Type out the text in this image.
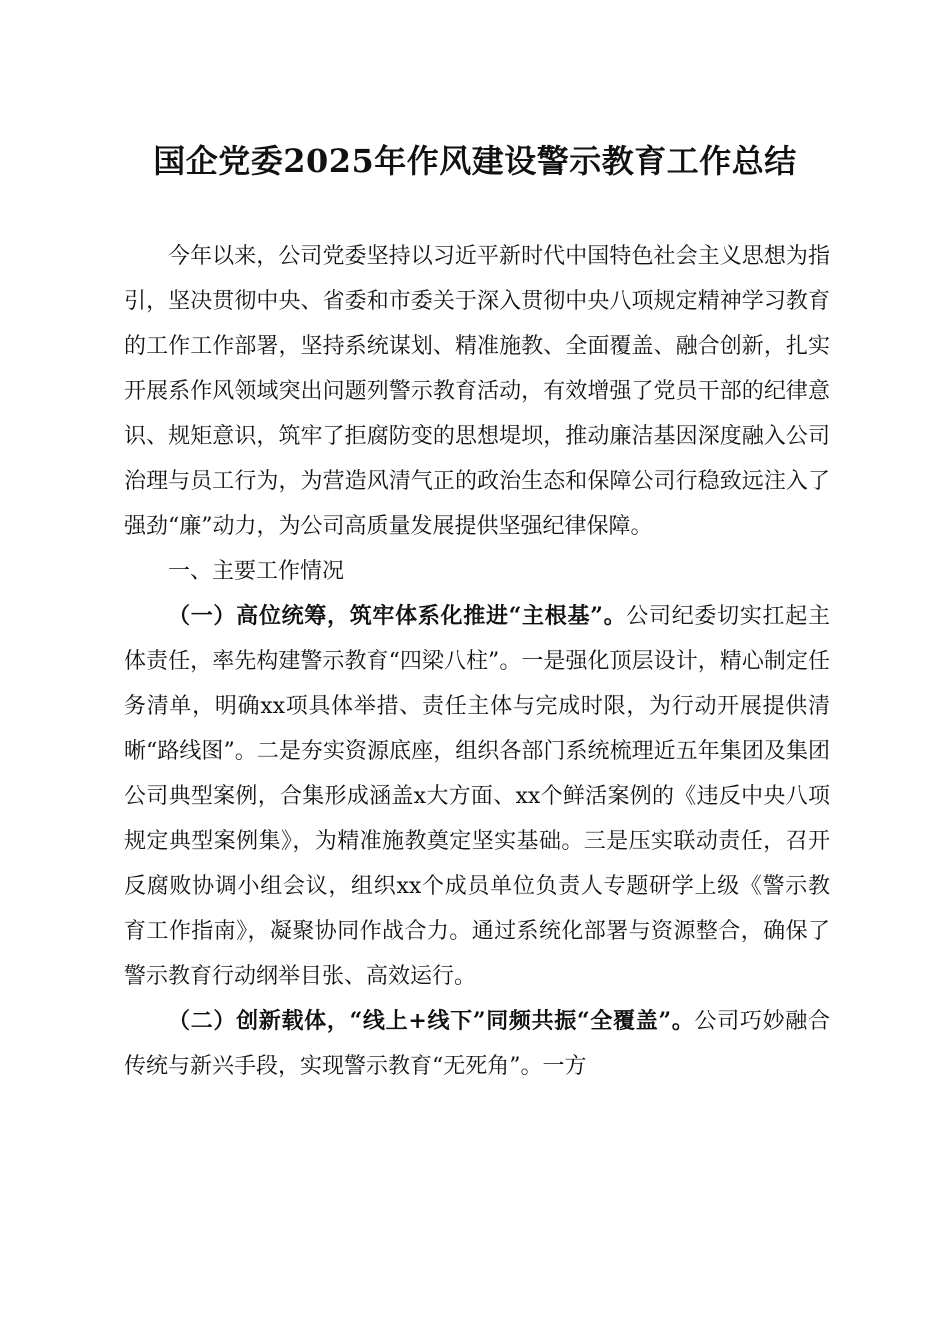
国企党委2025年作风建设警示教育工作总结

今年以来，公司党委坚持以习近平新时代中国特色社会主义思想为指引，坚决贯彻中央、省委和市委关于深入贯彻中央八项规定精神学习教育的工作工作部署，坚持系统谋划、精准施教、全面覆盖、融合创新，扎实开展系作风领域突出问题列警示教育活动，有效增强了党员干部的纪律意识、规矩意识，筑牢了拒腐防变的思想堤坝，推动廉洁基因深度融入公司治理与员工行为，为营造风清气正的政治生态和保障公司行稳致远注入了强劲“廉”动力，为公司高质量发展提供坚强纪律保障。

一、主要工作情况

（一）高位统筹，筑牢体系化推进“主根基”。公司纪委切实扛起主体责任，率先构建警示教育“四梁八柱”。一是强化顶层设计，精心制定任务清单，明确xx项具体举措、责任主体与完成时限，为行动开展提供清晰“路线图”。二是夯实资源底座，组织各部门系统梳理近五年集团及集团公司典型案例，合集形成涵盖x大方面、xx个鲜活案例的《违反中央八项规定典型案例集》，为精准施教奠定坚实基础。三是压实联动责任，召开反腐败协调小组会议，组织xx个成员单位负责人专题研学上级《警示教育工作指南》，凝聚协同作战合力。通过系统化部署与资源整合，确保了警示教育行动纲举目张、高效运行。

（二）创新载体，“线上+线下”同频共振“全覆盖”。公司巧妙融合传统与新兴手段，实现警示教育“无死角”。一方
